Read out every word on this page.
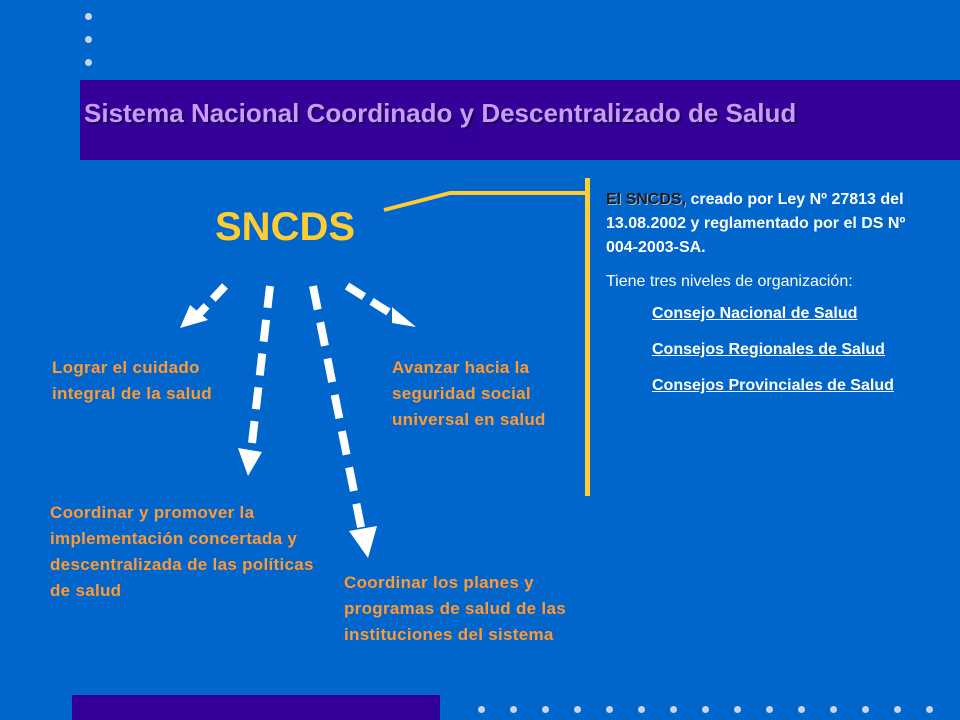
Sistema Nacional Coordinado y Descentralizado de Salud

SNCDS

Lograr el cuidado integral de la salud

Coordinar y promover la implementación concertada y descentralizada de las políticas de salud	Coordinar los planes y programas de salud de las instituciones del sistema

Avanzar hacia la seguridad social universal en salud

El SNCDS, creado por Ley Nº 27813 del 13.08.2002 y reglamentado por el DS Nº 004-2003-SA.

Tiene tres niveles de organización:

Consejo Nacional de Salud
Consejos Regionales de Salud
Consejos Provinciales de Salud
